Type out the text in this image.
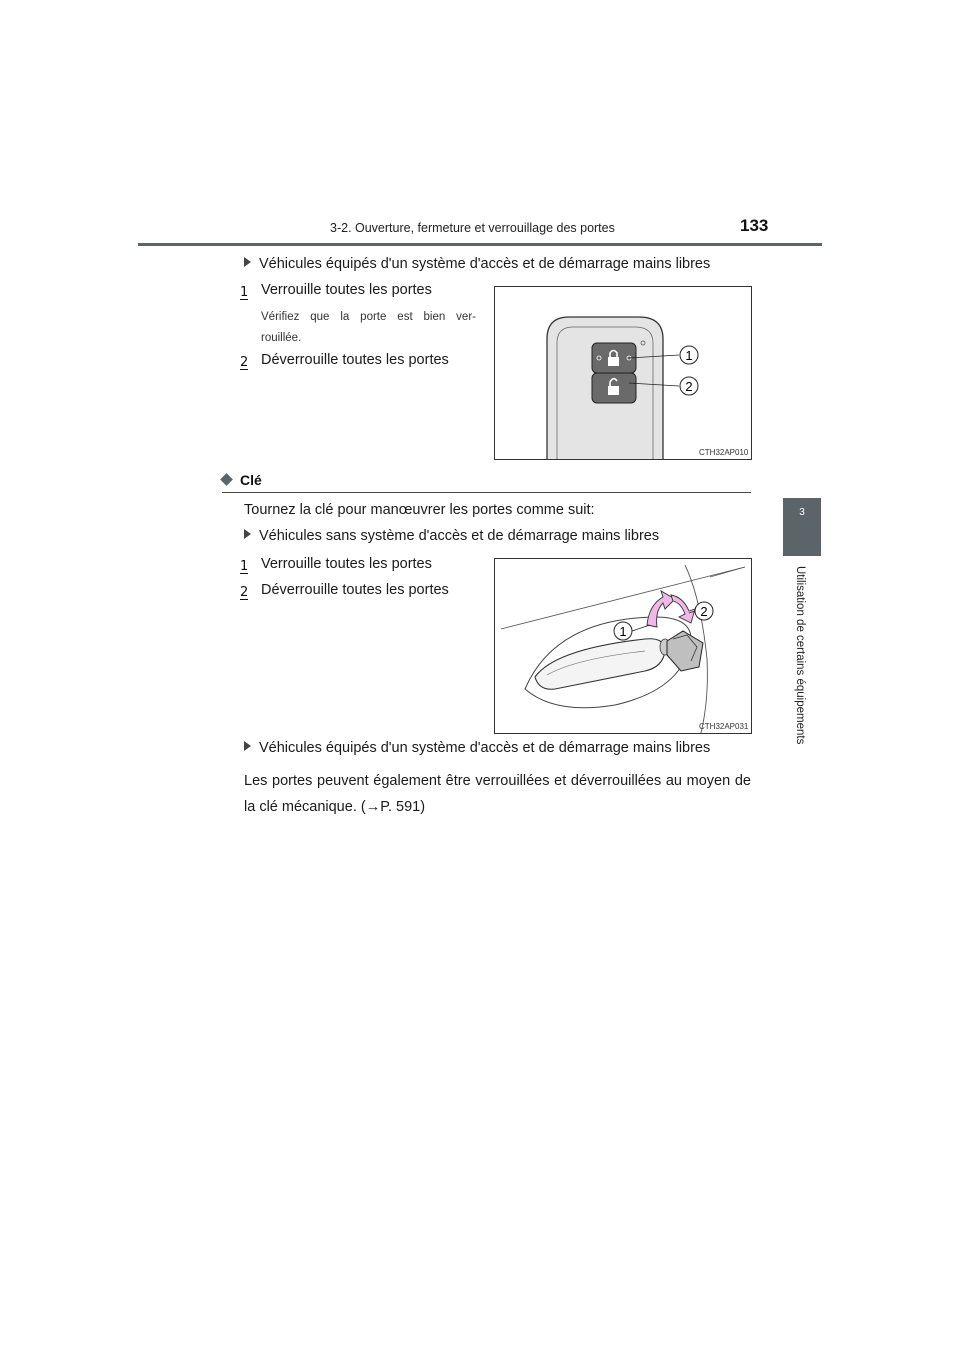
3-2. Ouverture, fermeture et verrouillage des portes	133
3
Utilisation de certains équipements
Véhicules équipés d'un système d'accès et de démarrage mains libres
1 Verrouille toutes les portes
Vérifiez que la porte est bien ver-
rouillée.
2 Déverrouille toutes les portes	1
2
CTH32AP010
Clé
Tournez la clé pour manœuvrer les portes comme suit:
Véhicules sans système d'accès et de démarrage mains libres
1 Verrouille toutes les portes
2 Déverrouille toutes les portes
1
2
CTH32AP031
Véhicules équipés d'un système d'accès et de démarrage mains libres
Les portes peuvent également être verrouillées et déverrouillées au moyen de la clé mécanique. (→P. 591)
